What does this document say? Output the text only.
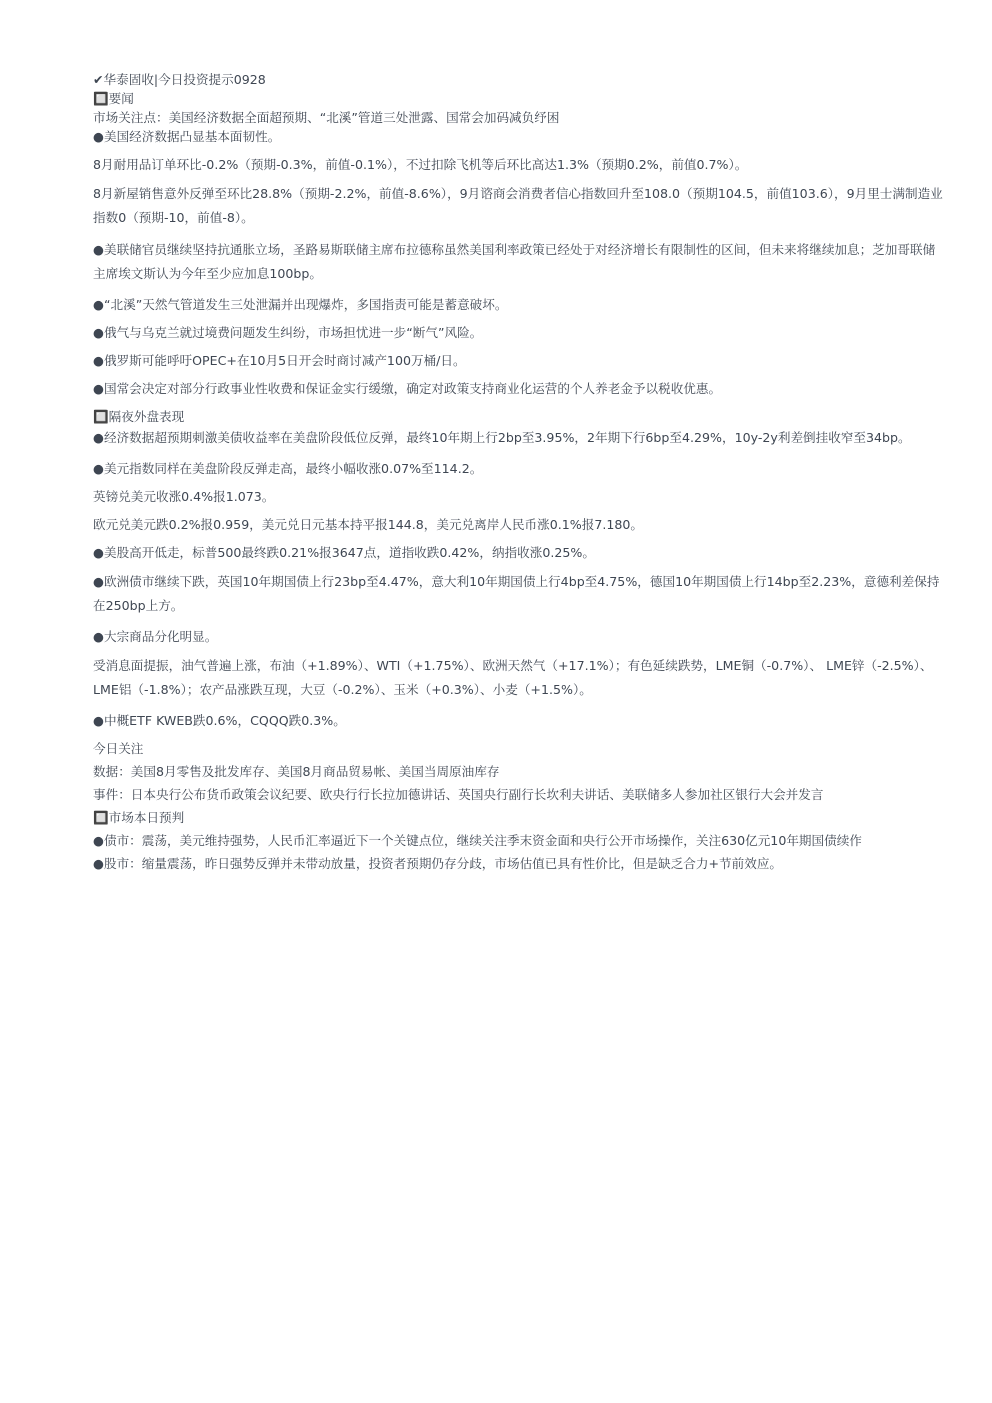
✔华泰固收|今日投资提示0928
🔲要闻
市场关注点：美国经济数据全面超预期、“北溪”管道三处泄露、国常会加码减负纾困
●美国经济数据凸显基本面韧性。
8月耐用品订单环比-0.2%（预期-0.3%，前值-0.1%），不过扣除飞机等后环比高达1.3%（预期0.2%，前值0.7%）。
8月新屋销售意外反弹至环比28.8%（预期-2.2%，前值-8.6%），9月谘商会消费者信心指数回升至108.0（预期104.5，前值103.6），9月里士满制造业指数0（预期-10，前值-8）。
●美联储官员继续坚持抗通胀立场，圣路易斯联储主席布拉德称虽然美国利率政策已经处于对经济增长有限制性的区间，但未来将继续加息；芝加哥联储主席埃文斯认为今年至少应加息100bp。
●“北溪”天然气管道发生三处泄漏并出现爆炸，多国指责可能是蓄意破坏。
●俄气与乌克兰就过境费问题发生纠纷，市场担忧进一步“断气”风险。
●俄罗斯可能呼吁OPEC+在10月5日开会时商讨减产100万桶/日。
●国常会决定对部分行政事业性收费和保证金实行缓缴，确定对政策支持商业化运营的个人养老金予以税收优惠。
🔲隔夜外盘表现
●经济数据超预期刺激美债收益率在美盘阶段低位反弹，最终10年期上行2bp至3.95%，2年期下行6bp至4.29%，10y-2y利差倒挂收窄至34bp。
●美元指数同样在美盘阶段反弹走高，最终小幅收涨0.07%至114.2。
英镑兑美元收涨0.4%报1.073。
欧元兑美元跌0.2%报0.959，美元兑日元基本持平报144.8，美元兑离岸人民币涨0.1%报7.180。
●美股高开低走，标普500最终跌0.21%报3647点，道指收跌0.42%，纳指收涨0.25%。
●欧洲债市继续下跌，英国10年期国债上行23bp至4.47%，意大利10年期国债上行4bp至4.75%，德国10年期国债上行14bp至2.23%，意德利差保持在250bp上方。
●大宗商品分化明显。
受消息面提振，油气普遍上涨，布油（+1.89%）、WTI（+1.75%）、欧洲天然气（+17.1%）；有色延续跌势，LME铜（-0.7%）、 LME锌（-2.5%）、LME铝（-1.8%）；农产品涨跌互现，大豆（-0.2%）、玉米（+0.3%）、小麦（+1.5%）。
●中概ETF KWEB跌0.6%，CQQQ跌0.3%。
今日关注
数据：美国8月零售及批发库存、美国8月商品贸易帐、美国当周原油库存
事件：日本央行公布货币政策会议纪要、欧央行行长拉加德讲话、英国央行副行长坎利夫讲话、美联储多人参加社区银行大会并发言
🔲市场本日预判
●债市：震荡，美元维持强势，人民币汇率逼近下一个关键点位，继续关注季末资金面和央行公开市场操作，关注630亿元10年期国债续作
●股市：缩量震荡，昨日强势反弹并未带动放量，投资者预期仍存分歧，市场估值已具有性价比，但是缺乏合力+节前效应。
